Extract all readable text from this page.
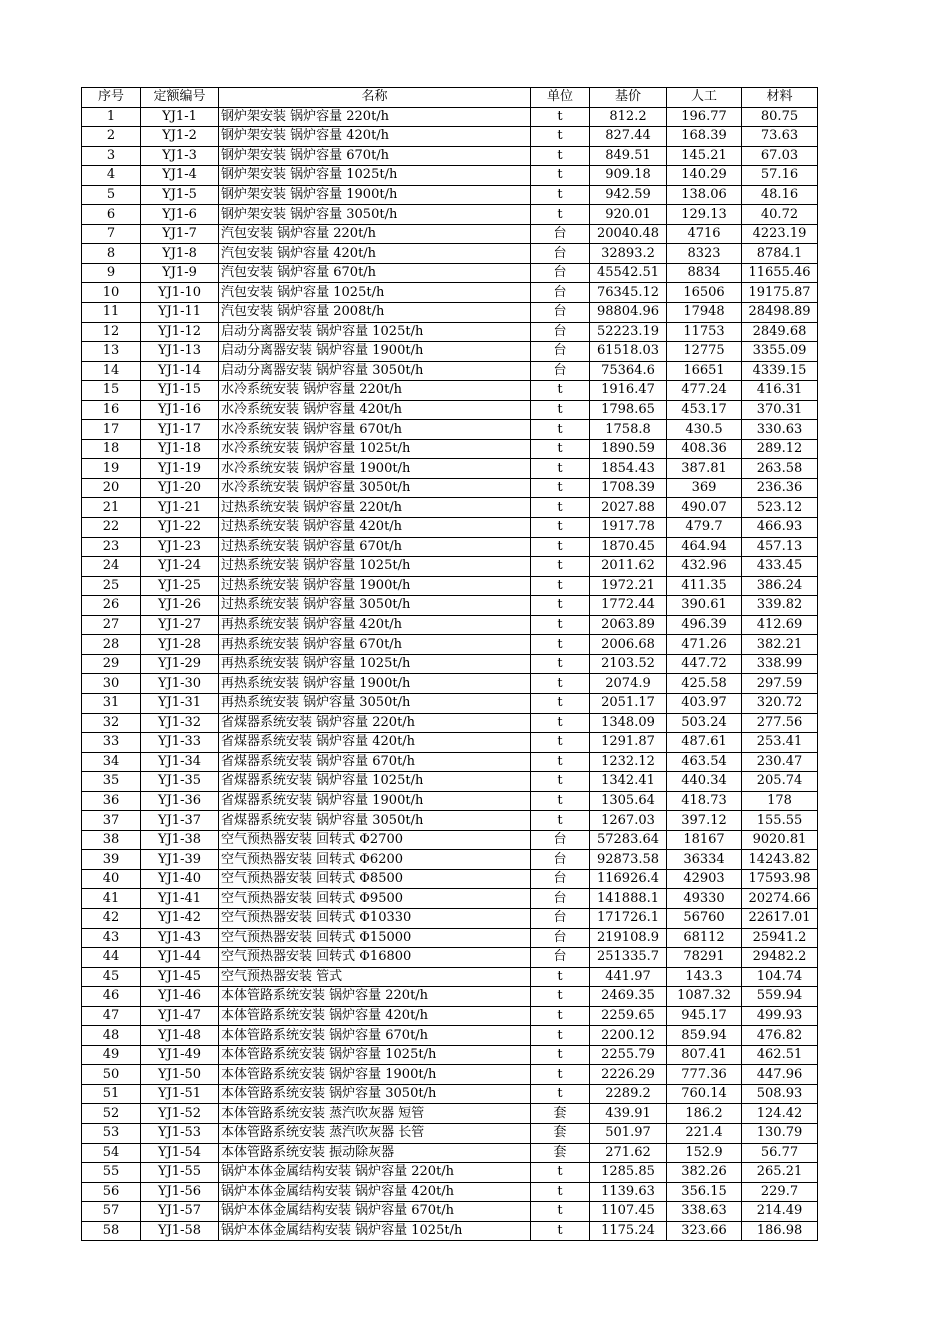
序号	定额编号	名称	单位	基价	人工	材料
1	YJ1-1	钢炉架安装 锅炉容量 220t/h	t	812.2	196.77	80.75
2	YJ1-2	钢炉架安装 锅炉容量 420t/h	t	827.44	168.39	73.63
3	YJ1-3	钢炉架安装 锅炉容量 670t/h	t	849.51	145.21	67.03
4	YJ1-4	钢炉架安装 锅炉容量 1025t/h	t	909.18	140.29	57.16
5	YJ1-5	钢炉架安装 锅炉容量 1900t/h	t	942.59	138.06	48.16
6	YJ1-6	钢炉架安装 锅炉容量 3050t/h	t	920.01	129.13	40.72
7	YJ1-7	汽包安装 锅炉容量 220t/h	台	20040.48	4716	4223.19
8	YJ1-8	汽包安装 锅炉容量 420t/h	台	32893.2	8323	8784.1
9	YJ1-9	汽包安装 锅炉容量 670t/h	台	45542.51	8834	11655.46
10	YJ1-10	汽包安装 锅炉容量 1025t/h	台	76345.12	16506	19175.87
11	YJ1-11	汽包安装 锅炉容量 2008t/h	台	98804.96	17948	28498.89
12	YJ1-12	启动分离器安装 锅炉容量 1025t/h	台	52223.19	11753	2849.68
13	YJ1-13	启动分离器安装 锅炉容量 1900t/h	台	61518.03	12775	3355.09
14	YJ1-14	启动分离器安装 锅炉容量 3050t/h	台	75364.6	16651	4339.15
15	YJ1-15	水冷系统安装 锅炉容量 220t/h	t	1916.47	477.24	416.31
16	YJ1-16	水冷系统安装 锅炉容量 420t/h	t	1798.65	453.17	370.31
17	YJ1-17	水冷系统安装 锅炉容量 670t/h	t	1758.8	430.5	330.63
18	YJ1-18	水冷系统安装 锅炉容量 1025t/h	t	1890.59	408.36	289.12
19	YJ1-19	水冷系统安装 锅炉容量 1900t/h	t	1854.43	387.81	263.58
20	YJ1-20	水冷系统安装 锅炉容量 3050t/h	t	1708.39	369	236.36
21	YJ1-21	过热系统安装 锅炉容量 220t/h	t	2027.88	490.07	523.12
22	YJ1-22	过热系统安装 锅炉容量 420t/h	t	1917.78	479.7	466.93
23	YJ1-23	过热系统安装 锅炉容量 670t/h	t	1870.45	464.94	457.13
24	YJ1-24	过热系统安装 锅炉容量 1025t/h	t	2011.62	432.96	433.45
25	YJ1-25	过热系统安装 锅炉容量 1900t/h	t	1972.21	411.35	386.24
26	YJ1-26	过热系统安装 锅炉容量 3050t/h	t	1772.44	390.61	339.82
27	YJ1-27	再热系统安装 锅炉容量 420t/h	t	2063.89	496.39	412.69
28	YJ1-28	再热系统安装 锅炉容量 670t/h	t	2006.68	471.26	382.21
29	YJ1-29	再热系统安装 锅炉容量 1025t/h	t	2103.52	447.72	338.99
30	YJ1-30	再热系统安装 锅炉容量 1900t/h	t	2074.9	425.58	297.59
31	YJ1-31	再热系统安装 锅炉容量 3050t/h	t	2051.17	403.97	320.72
32	YJ1-32	省煤器系统安装 锅炉容量 220t/h	t	1348.09	503.24	277.56
33	YJ1-33	省煤器系统安装 锅炉容量 420t/h	t	1291.87	487.61	253.41
34	YJ1-34	省煤器系统安装 锅炉容量 670t/h	t	1232.12	463.54	230.47
35	YJ1-35	省煤器系统安装 锅炉容量 1025t/h	t	1342.41	440.34	205.74
36	YJ1-36	省煤器系统安装 锅炉容量 1900t/h	t	1305.64	418.73	178
37	YJ1-37	省煤器系统安装 锅炉容量 3050t/h	t	1267.03	397.12	155.55
38	YJ1-38	空气预热器安装 回转式 Φ2700	台	57283.64	18167	9020.81
39	YJ1-39	空气预热器安装 回转式 Φ6200	台	92873.58	36334	14243.82
40	YJ1-40	空气预热器安装 回转式 Φ8500	台	116926.4	42903	17593.98
41	YJ1-41	空气预热器安装 回转式 Φ9500	台	141888.1	49330	20274.66
42	YJ1-42	空气预热器安装 回转式 Φ10330	台	171726.1	56760	22617.01
43	YJ1-43	空气预热器安装 回转式 Φ15000	台	219108.9	68112	25941.2
44	YJ1-44	空气预热器安装 回转式 Φ16800	台	251335.7	78291	29482.2
45	YJ1-45	空气预热器安装 管式	t	441.97	143.3	104.74
46	YJ1-46	本体管路系统安装 锅炉容量 220t/h	t	2469.35	1087.32	559.94
47	YJ1-47	本体管路系统安装 锅炉容量 420t/h	t	2259.65	945.17	499.93
48	YJ1-48	本体管路系统安装 锅炉容量 670t/h	t	2200.12	859.94	476.82
49	YJ1-49	本体管路系统安装 锅炉容量 1025t/h	t	2255.79	807.41	462.51
50	YJ1-50	本体管路系统安装 锅炉容量 1900t/h	t	2226.29	777.36	447.96
51	YJ1-51	本体管路系统安装 锅炉容量 3050t/h	t	2289.2	760.14	508.93
52	YJ1-52	本体管路系统安装 蒸汽吹灰器 短管	套	439.91	186.2	124.42
53	YJ1-53	本体管路系统安装 蒸汽吹灰器 长管	套	501.97	221.4	130.79
54	YJ1-54	本体管路系统安装 振动除灰器	套	271.62	152.9	56.77
55	YJ1-55	锅炉本体金属结构安装 锅炉容量 220t/h	t	1285.85	382.26	265.21
56	YJ1-56	锅炉本体金属结构安装 锅炉容量 420t/h	t	1139.63	356.15	229.7
57	YJ1-57	锅炉本体金属结构安装 锅炉容量 670t/h	t	1107.45	338.63	214.49
58	YJ1-58	锅炉本体金属结构安装 锅炉容量 1025t/h	t	1175.24	323.66	186.98
